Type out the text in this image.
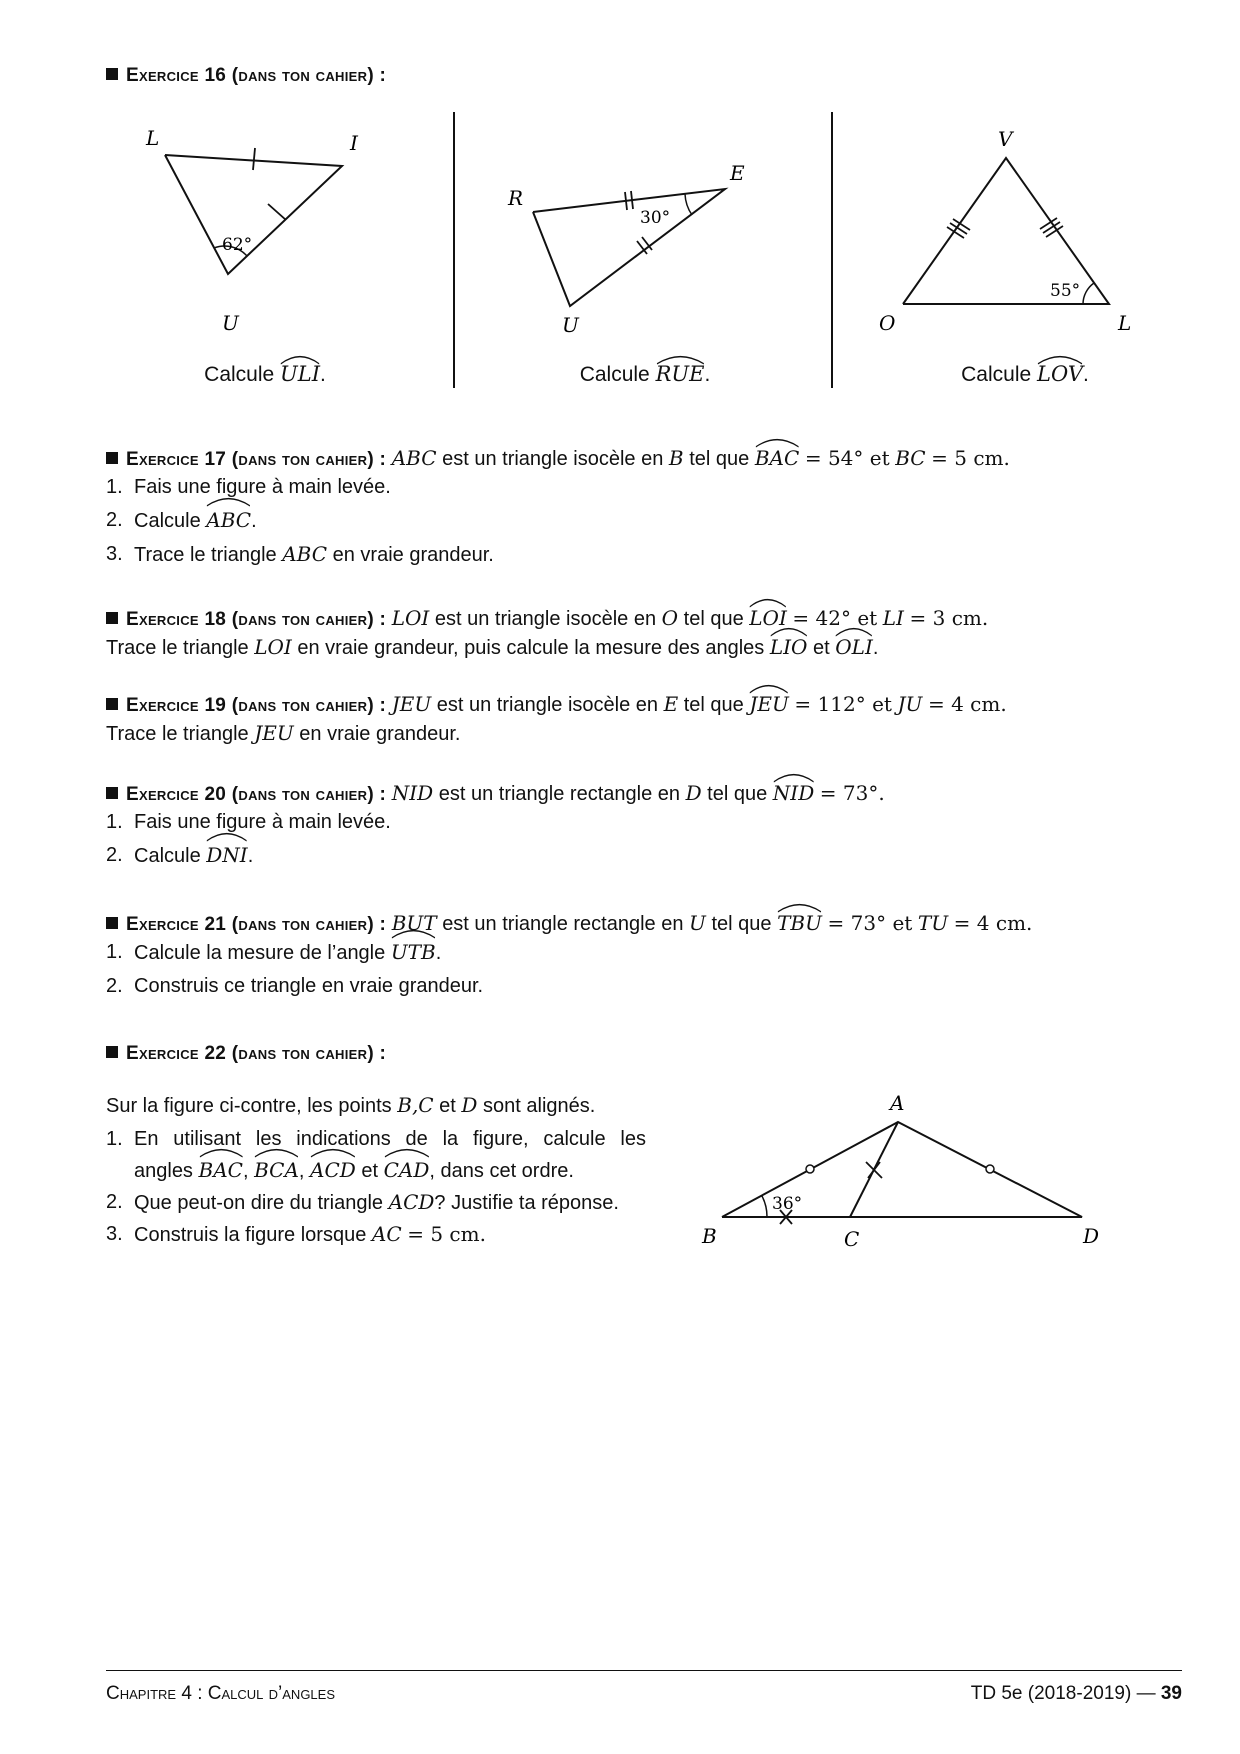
Exercice 16 (dans ton cahier) :
L	I
U
62°
Calcule ULI.
R
E
U
30°
Calcule RUE.
V
O	L
55°
Calcule LOV.
Exercice 17 (dans ton cahier) : ABC est un triangle isocèle en B tel que BAC = 54° et BC = 5 cm.
1. Fais une figure à main levée.
2. Calcule ABC.
3. Trace le triangle ABC en vraie grandeur.
Exercice 18 (dans ton cahier) : LOI est un triangle isocèle en O tel que LOI = 42° et LI = 3 cm.
Trace le triangle LOI en vraie grandeur, puis calcule la mesure des angles LIO et OLI.
Exercice 19 (dans ton cahier) : JEU est un triangle isocèle en E tel que JEU = 112° et JU = 4 cm.
Trace le triangle JEU en vraie grandeur.
Exercice 20 (dans ton cahier) : NID est un triangle rectangle en D tel que NID = 73°.
1. Fais une figure à main levée.
2. Calcule DNI.
Exercice 21 (dans ton cahier) : BUT est un triangle rectangle en U tel que TBU = 73° et TU = 4 cm.
1. Calcule la mesure de l’angle UTB.
2. Construis ce triangle en vraie grandeur.
Exercice 22 (dans ton cahier) :
Sur la figure ci-contre, les points B,C et D sont alignés.
1. En utilisant les indications de la figure, calcule les
angles BAC,
BCA,
ACD et CAD, dans cet ordre.
2. Que peut-on dire du triangle ACD? Justifie ta réponse.
3. Construis la figure lorsque AC = 5 cm.
A
B	C	D
36°
Chapitre 4 : Calcul d’angles	TD 5e (2018-2019) — 39
